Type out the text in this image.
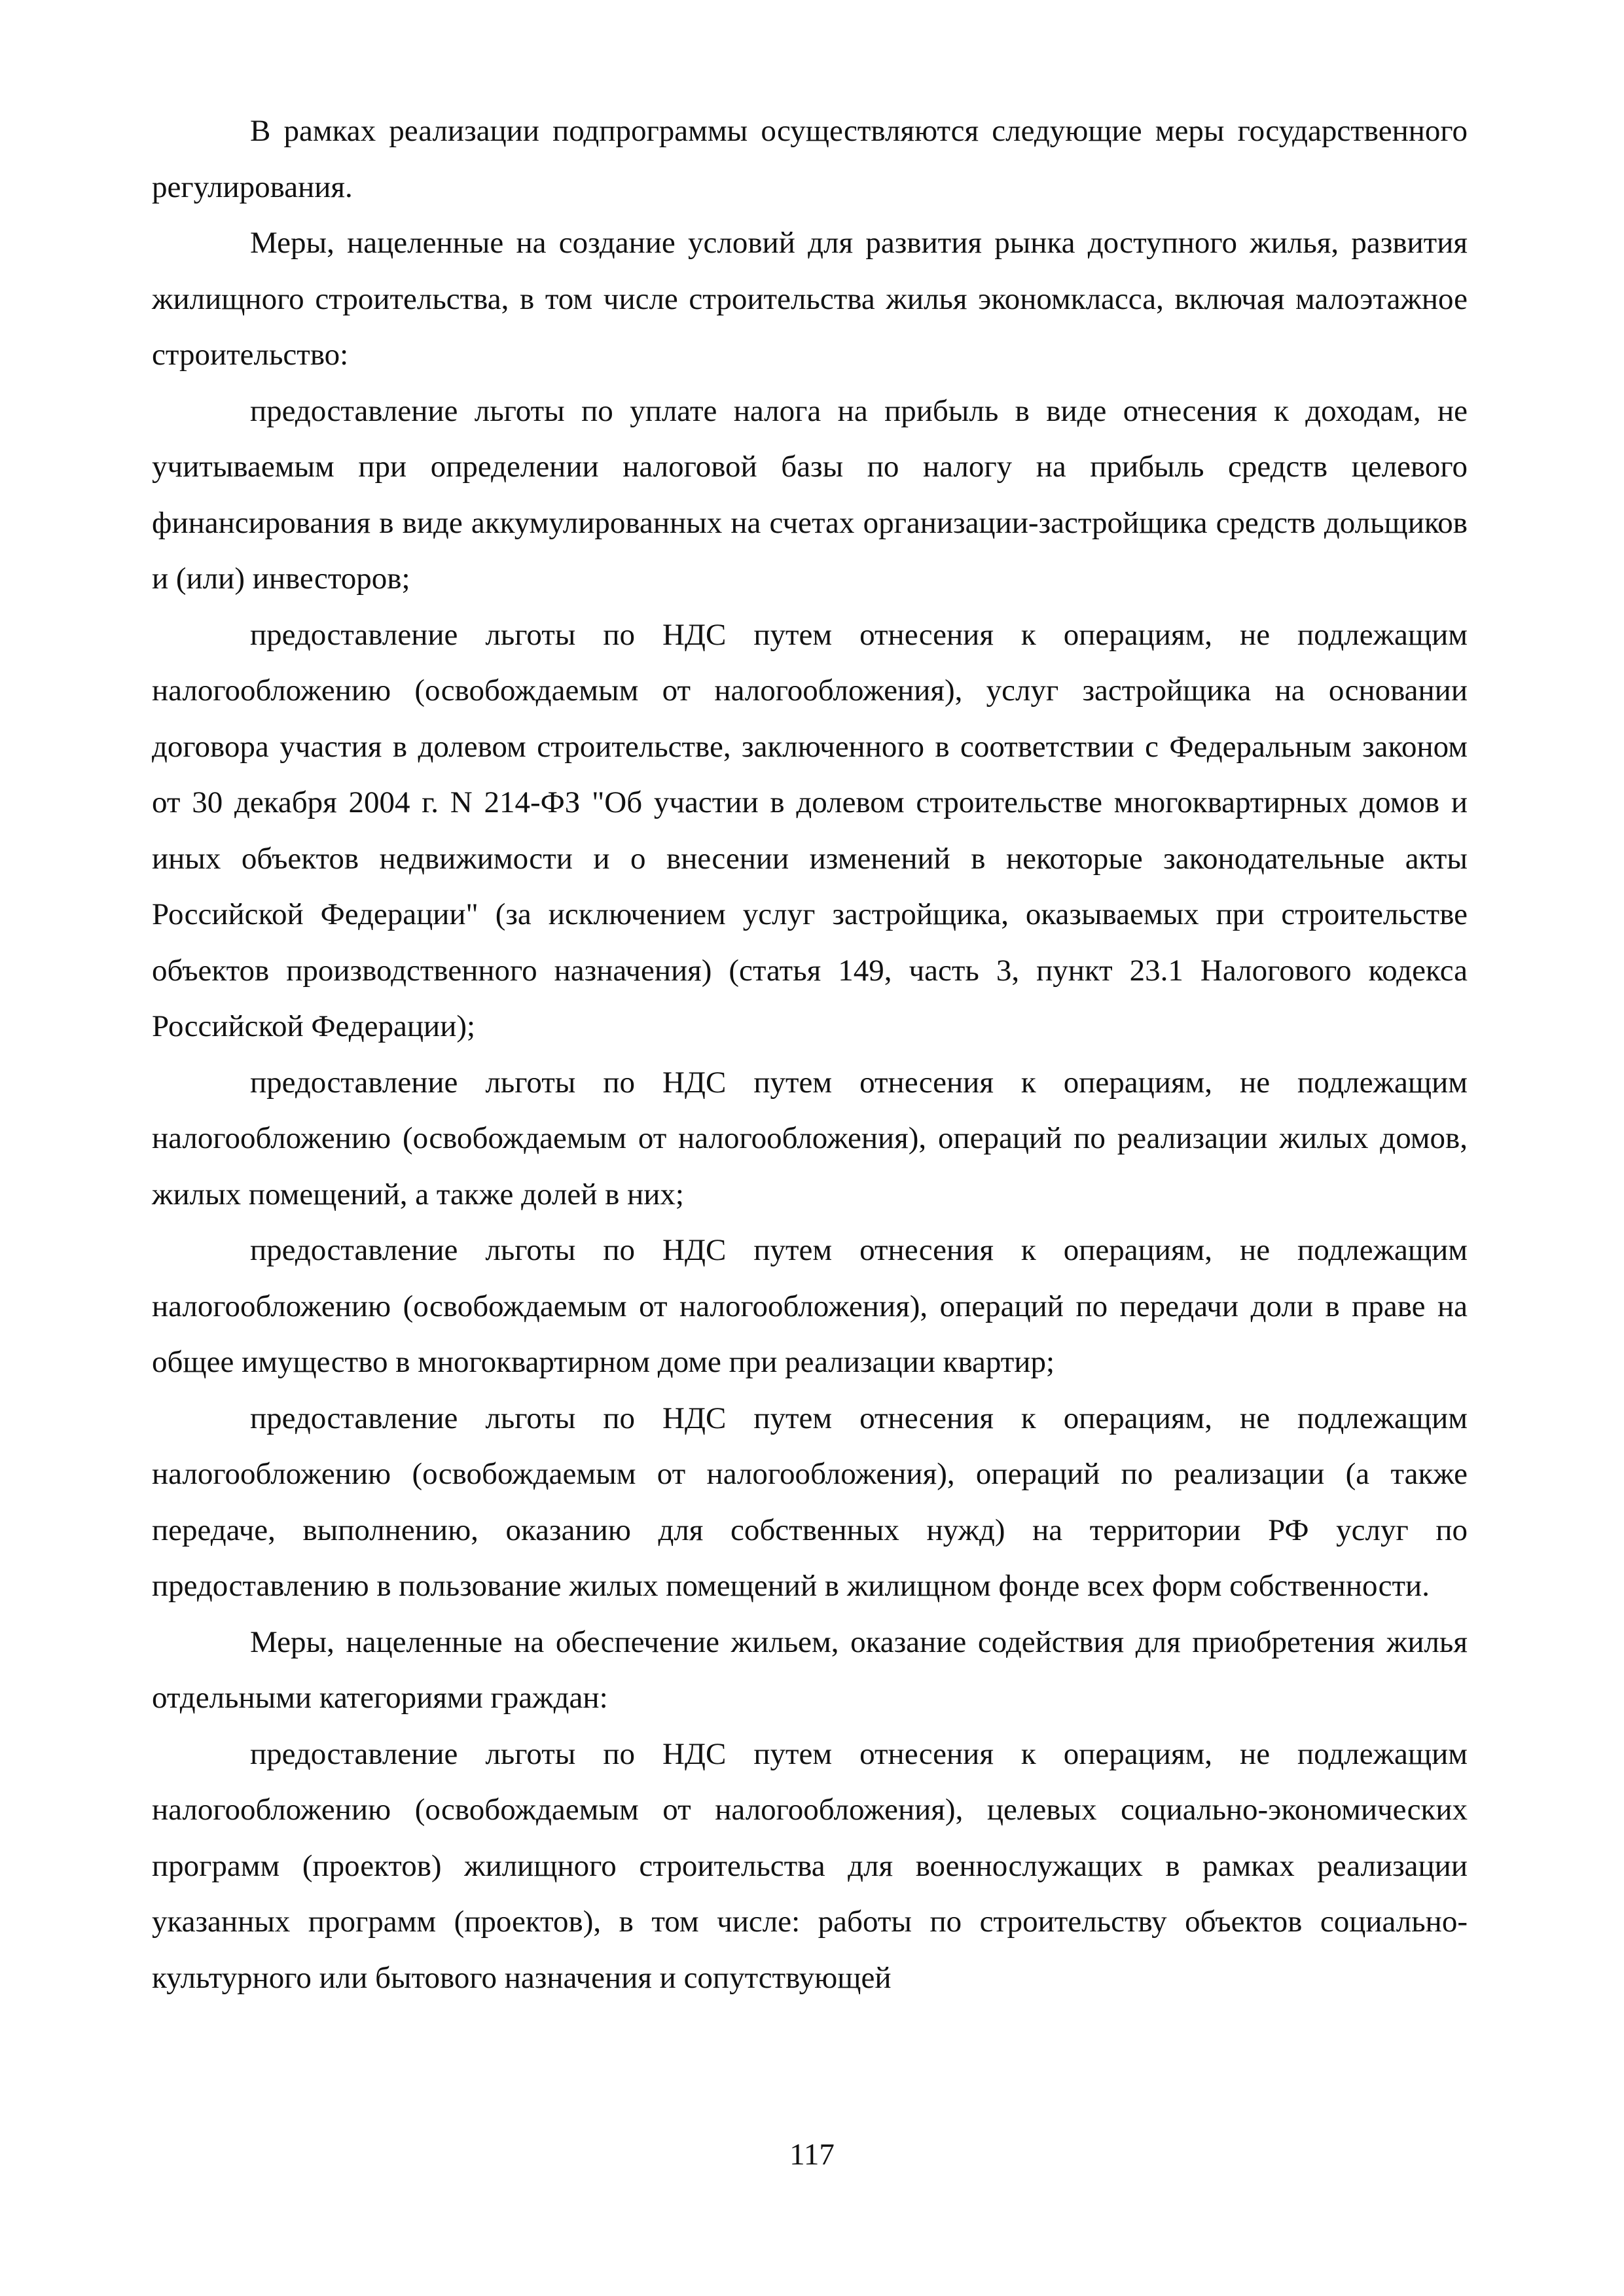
В рамках реализации подпрограммы осуществляются следующие меры государственного регулирования.

Меры, нацеленные на создание условий для развития рынка доступного жилья, развития жилищного строительства, в том числе строительства жилья экономкласса, включая малоэтажное строительство:

предоставление льготы по уплате налога на прибыль в виде отнесения к доходам, не учитываемым при определении налоговой базы по налогу на прибыль средств целевого финансирования в виде аккумулированных на счетах организации-застройщика средств дольщиков и (или) инвесторов;

предоставление льготы по НДС путем отнесения к операциям, не подлежащим налогообложению (освобождаемым от налогообложения), услуг застройщика на основании договора участия в долевом строительстве, заключенного в соответствии с Федеральным законом от 30 декабря 2004 г. N 214-ФЗ "Об участии в долевом строительстве многоквартирных домов и иных объектов недвижимости и о внесении изменений в некоторые законодательные акты Российской Федерации" (за исключением услуг застройщика, оказываемых при строительстве объектов производственного назначения) (статья 149, часть 3, пункт 23.1 Налогового кодекса Российской Федерации);

предоставление льготы по НДС путем отнесения к операциям, не подлежащим налогообложению (освобождаемым от налогообложения), операций по реализации жилых домов, жилых помещений, а также долей в них;

предоставление льготы по НДС путем отнесения к операциям, не подлежащим налогообложению (освобождаемым от налогообложения), операций по передачи доли в праве на общее имущество в многоквартирном доме при реализации квартир;

предоставление льготы по НДС путем отнесения к операциям, не подлежащим налогообложению (освобождаемым от налогообложения), операций по реализации (а также передаче, выполнению, оказанию для собственных нужд) на территории РФ услуг по предоставлению в пользование жилых помещений в жилищном фонде всех форм собственности.

Меры, нацеленные на обеспечение жильем, оказание содействия для приобретения жилья отдельными категориями граждан:

предоставление льготы по НДС путем отнесения к операциям, не подлежащим налогообложению (освобождаемым от налогообложения), целевых социально-экономических программ (проектов) жилищного строительства для военнослужащих в рамках реализации указанных программ (проектов), в том числе: работы по строительству объектов социально-культурного или бытового назначения и сопутствующей

117
